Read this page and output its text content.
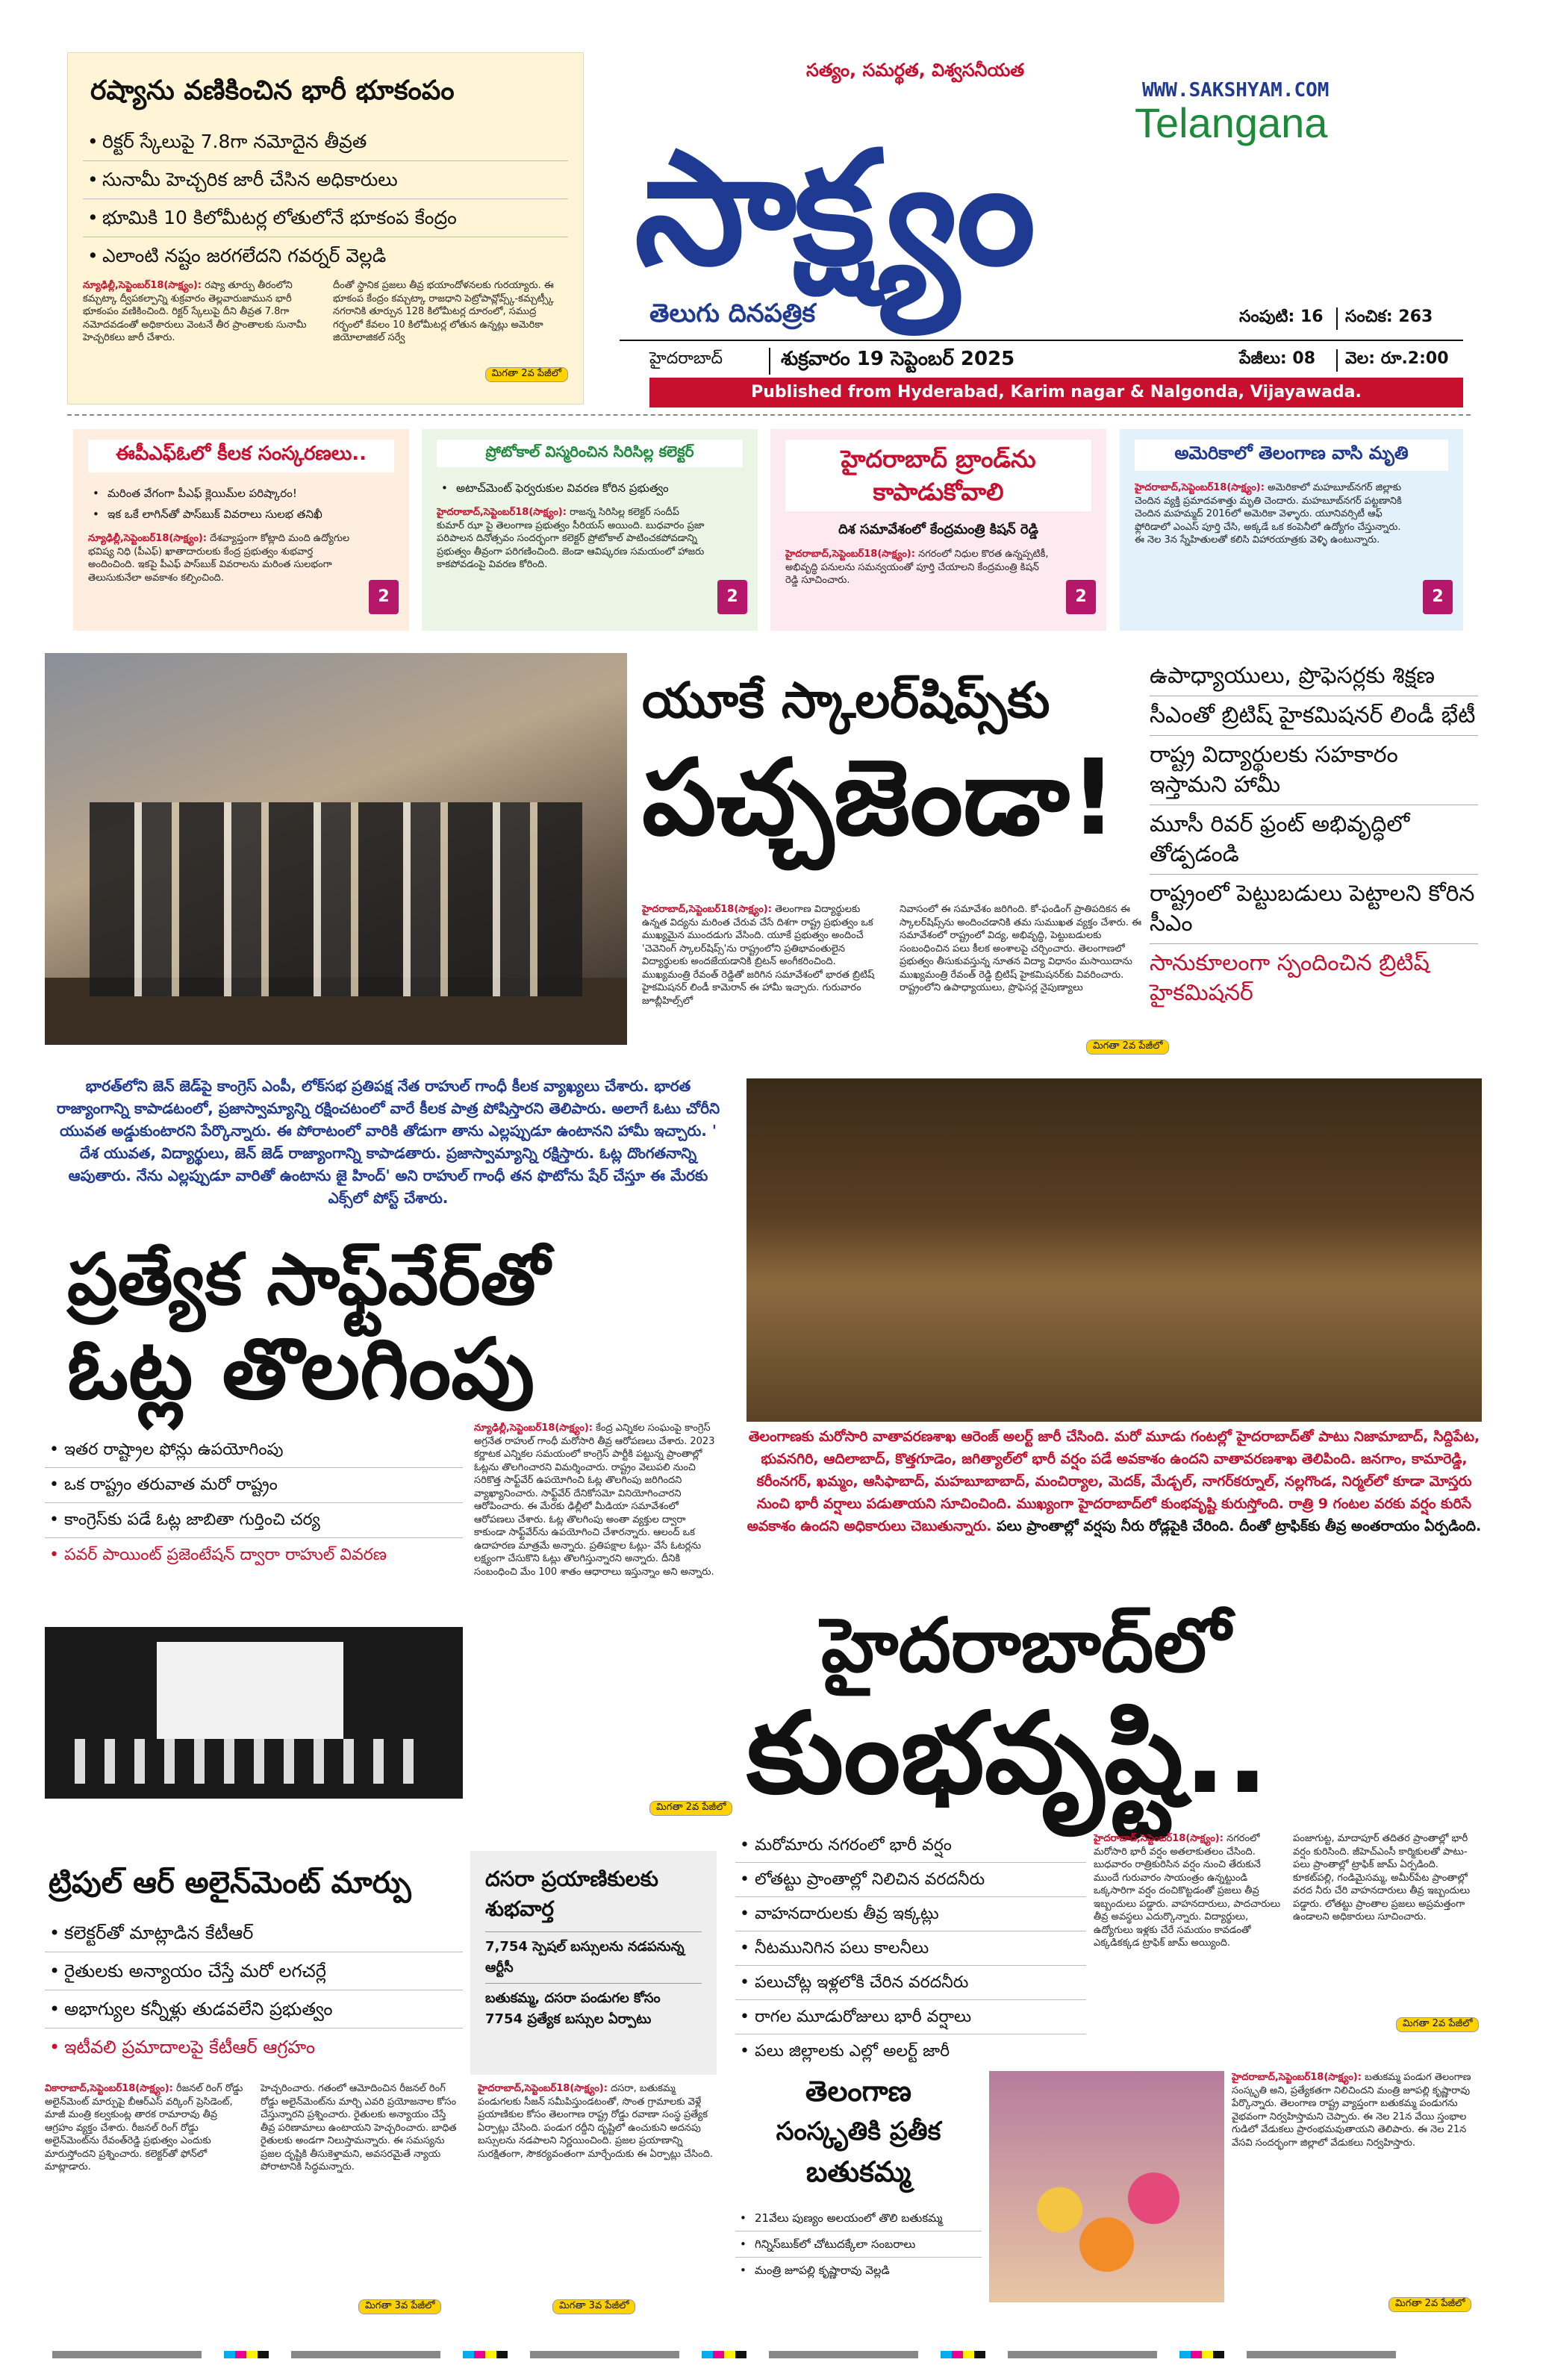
రష్యాను వణికించిన భారీ భూకంపం
• రిక్టర్ స్కేలుపై 7.8గా నమోదైన తీవ్రత
• సునామీ హెచ్చరిక జారీ చేసిన అధికారులు
• భూమికి 10 కిలోమీటర్ల లోతులోనే భూకంప కేంద్రం
• ఎలాంటి నష్టం జరగలేదని గవర్నర్ వెల్లడి
న్యూఢిల్లీ,సెప్టెంబర్18(సాక్ష్యం): రష్యా తూర్పు తీరంలోని కమ్చట్కా ద్వీపకల్పాన్ని శుక్రవారం తెల్లవారుజామున భారీ భూకంపం వణికించింది. రిక్టర్ స్కేలుపై దీని తీవ్రత 7.8గా నమోదవడంతో అధికారులు వెంటనే తీర ప్రాంతాలకు సునామీ హెచ్చరికలు జారీ చేశారు.
దీంతో స్థానిక ప్రజలు తీవ్ర భయాందోళనలకు గురయ్యారు. ఈ భూకంప కేంద్రం కమ్చట్కా రాజధాని పెట్రోపావ్లోవ్స్క్-కమ్చట్స్కీ నగరానికి తూర్పున 128 కిలోమీటర్ల దూరంలో, సముద్ర గర్భంలో కేవలం 10 కిలోమీటర్ల లోతున ఉన్నట్లు అమెరికా జియోలాజికల్ సర్వే
మిగతా 2వ పేజీలో
సత్యం, సమర్థత, విశ్వసనీయత
WWW.SAKSHYAM.COM
Telangana
సాక్ష్యం
తెలుగు దినపత్రిక	సంపుటి: 16	సంచిక: 263
హైదరాబాద్	శుక్రవారం 19 సెప్టెంబర్ 2025	పేజీలు: 08	వెల: రూ.2:00
Published from Hyderabad, Karim nagar & Nalgonda, Vijayawada.
ఈపీఎఫ్ఓలో కీలక సంస్కరణలు..
• మరింత వేగంగా పీఎఫ్ క్లెయిమ్‌ల పరిష్కారం!
• ఇక ఒకే లాగిన్‌తో పాస్‌బుక్ వివరాలు సులభ తనిఖీ
న్యూఢిల్లీ,సెప్టెంబర్18(సాక్ష్యం): దేశవ్యాప్తంగా కోట్లాది మంది ఉద్యోగుల భవిష్య నిధి (పీఎఫ్) ఖాతాదారులకు కేంద్ర ప్రభుత్వం శుభవార్త అందించింది. ఇకపై పీఎఫ్ పాస్‌బుక్ వివరాలను మరింత సులభంగా తెలుసుకునేలా అవకాశం కల్పించింది.
2
ప్రోటోకాల్ విస్మరించిన సిరిసిల్ల కలెక్టర్
• అటాచ్‌మెంట్ ఫెర్వరుకుల వివరణ కోరిన ప్రభుత్వం
హైదరాబాద్,సెప్టెంబర్18(సాక్ష్యం): రాజన్న సిరిసిల్ల కలెక్టర్ సందీప్ కుమార్ ఝా పై తెలంగాణ ప్రభుత్వం సీరియస్ అయింది. బుధవారం ప్రజా పరిపాలన దినోత్సవం సందర్భంగా కలెక్టర్ ప్రోటోకాల్ పాటించకపోవడాన్ని ప్రభుత్వం తీవ్రంగా పరిగణించింది. జెండా ఆవిష్కరణ సమయంలో హాజరు కాకపోవడంపై వివరణ కోరింది.
2
హైదరాబాద్ బ్రాండ్‌ను కాపాడుకోవాలి
దిశ సమావేశంలో కేంద్రమంత్రి కిషన్ రెడ్డి
హైదరాబాద్,సెప్టెంబర్18(సాక్ష్యం): నగరంలో నిధుల కొరత ఉన్నప్పటికీ, అభివృద్ధి పనులను సమన్వయంతో పూర్తి చేయాలని కేంద్రమంత్రి కిషన్ రెడ్డి సూచించారు.
2
అమెరికాలో తెలంగాణ వాసి మృతి
హైదరాబాద్,సెప్టెంబర్18(సాక్ష్యం): అమెరికాలో మహబూబ్‌నగర్ జిల్లాకు చెందిన వ్యక్తి ప్రమాదవశాత్తు మృతి చెందారు. మహబూబ్‌నగర్ పట్టణానికి చెందిన మహమ్మద్ 2016లో అమెరికా వెళ్ళారు. యూనివర్సిటీ ఆఫ్ ఫ్లోరిడాలో ఎంఎస్ పూర్తి చేసి, అక్కడే ఒక కంపెనీలో ఉద్యోగం చేస్తున్నారు. ఈ నెల 3న స్నేహితులతో కలిసి విహారయాత్రకు వెళ్ళి ఉంటున్నారు.
2
యూకే స్కాలర్‌షిప్స్‌కు
పచ్చజెండా!
ఉపాధ్యాయులు, ప్రొఫెసర్లకు శిక్షణ
సీఎంతో బ్రిటిష్ హైకమిషనర్ లిండీ భేటీ
రాష్ట్ర విద్యార్థులకు సహకారం ఇస్తామని హామీ
మూసీ రివర్ ఫ్రంట్ అభివృద్ధిలో తోడ్పడండి
రాష్ట్రంలో పెట్టుబడులు పెట్టాలని కోరిన సీఎం
సానుకూలంగా స్పందించిన బ్రిటిష్ హైకమిషనర్
హైదరాబాద్,సెప్టెంబర్18(సాక్ష్యం): తెలంగాణ విద్యార్థులకు ఉన్నత విద్యను మరింత చేరువ చేసే దిశగా రాష్ట్ర ప్రభుత్వం ఒక ముఖ్యమైన ముందడుగు వేసింది. యూకే ప్రభుత్వం అందించే 'చెవెనింగ్ స్కాలర్‌షిప్స్'ను రాష్ట్రంలోని ప్రతిభావంతులైన విద్యార్థులకు అందజేయడానికి బ్రిటన్ అంగీకరించింది. ముఖ్యమంత్రి రేవంత్ రెడ్డితో జరిగిన సమావేశంలో భారత బ్రిటిష్ హైకమిషనర్ లిండీ కామెరాన్ ఈ హామీ ఇచ్చారు. గురువారం జూబ్లీహిల్స్‌లో
నివాసంలో ఈ సమావేశం జరిగింది. కో-ఫండింగ్ ప్రాతిపదికన ఈ స్కాలర్‌షిప్స్‌ను అందించడానికి తమ సుముఖత వ్యక్తం చేశారు. ఈ సమావేశంలో రాష్ట్రంలో విద్య, అభివృద్ధి, పెట్టుబడులకు సంబంధించిన పలు కీలక అంశాలపై చర్చించారు. తెలంగాణలో ప్రభుత్వం తీసుకువస్తున్న నూతన విద్యా విధానం మసాయిదాను ముఖ్యమంత్రి రేవంత్ రెడ్డి బ్రిటిష్ హైకమిషనర్‌కు వివరించారు. రాష్ట్రంలోని ఉపాధ్యాయులు, ప్రొఫెసర్ల నైపుణ్యాలు
మిగతా 2వ పేజీలో
భారత్‌లోని జెన్ జెడ్‌పై కాంగ్రెస్ ఎంపీ, లోక్‌సభ ప్రతిపక్ష నేత రాహుల్ గాంధీ కీలక వ్యాఖ్యలు చేశారు. భారత రాజ్యాంగాన్ని కాపాడటంలో, ప్రజాస్వామ్యాన్ని రక్షించటంలో వారే కీలక పాత్ర పోషిస్తారని తెలిపారు. అలాగే ఓటు చోరీని యువత అడ్డుకుంటారని పేర్కొన్నారు. ఈ పోరాటంలో వారికి తోడుగా తాను ఎల్లప్పుడూ ఉంటానని హామీ ఇచ్చారు. ' దేశ యువత, విద్యార్థులు, జెన్ జెడ్ రాజ్యాంగాన్ని కాపాడతారు. ప్రజాస్వామ్యాన్ని రక్షిస్తారు. ఓట్ల దొంగతనాన్ని ఆపుతారు. నేను ఎల్లప్పుడూ వారితో ఉంటాను జై హింద్' అని రాహుల్ గాంధీ తన ఫొటోను షేర్ చేస్తూ ఈ మేరకు ఎక్స్‌లో పోస్ట్ చేశారు.
ప్రత్యేక సాఫ్ట్‌వేర్‌తో
ఓట్ల తొలగింపు
• ఇతర రాష్ట్రాల ఫోన్లు ఉపయోగింపు
• ఒక రాష్ట్రం తరువాత మరో రాష్ట్రం
• కాంగ్రెస్‌కు పడే ఓట్ల జాబితా గుర్తించి చర్య
• పవర్ పాయింట్ ప్రజెంటేషన్ ద్వారా రాహుల్ వివరణ
న్యూఢిల్లీ,సెప్టెంబర్18(సాక్ష్యం): కేంద్ర ఎన్నికల సంఘంపై కాంగ్రెస్ అగ్రనేత రాహుల్ గాంధీ మరోసారి తీవ్ర ఆరోపణలు చేశారు. 2023 కర్ణాటక ఎన్నికల సమయంలో కాంగ్రెస్ పార్టీకి పట్టున్న ప్రాంతాల్లో ఓట్లను తొలగించారని విమర్శించారు. రాష్ట్రం వెలుపలి నుంచి సరికొత్త సాఫ్ట్‌వేర్ ఉపయోగించి ఓట్ల తొలగింపు జరిగిందని వ్యాఖ్యానించారు. సాఫ్ట్‌వేర్ దేనికోసమో వినియోగించారని ఆరోపించారు. ఈ మేరకు ఢిల్లీలో మీడియా సమావేశంలో ఆరోపణలు చేశారు. ఓట్ల తొలగింపు అంతా వ్యక్తుల ద్వారా కాకుండా సాఫ్ట్‌వేర్‌ను ఉపయోగించి చేశారన్నారు. ఆలంద్ ఒక ఉదాహరణ మాత్రమే అన్నారు. ప్రతిపక్షాల ఓట్లు- వేసే ఓటర్లను లక్ష్యంగా చేసుకొని ఓట్లు తొలగిస్తున్నారని అన్నారు. దీనికి సంబంధించి మేం 100 శాతం ఆధారాలు ఇస్తున్నాం అని అన్నారు.
మిగతా 2వ పేజీలో
తెలంగాణకు మరోసారి వాతావరణశాఖ ఆరెంజ్ అలర్ట్ జారీ చేసింది. మరో మూడు గంటల్లో హైదరాబాద్‌తో పాటు నిజామాబాద్, సిద్దిపేట, భువనగిరి, ఆదిలాబాద్, కొత్తగూడెం, జగిత్యాల్‌లో భారీ వర్షం పడే అవకాశం ఉందని వాతావరణశాఖ తెలిపింది. జనగాం, కామారెడ్డి, కరీంనగర్, ఖమ్మం, ఆసిఫాబాద్, మహబూబాబాద్, మంచిర్యాల, మెదక్, మేడ్చల్, నాగర్‌కర్నూల్, నల్లగొండ, నిర్మల్‌లో కూడా మోస్తరు నుంచి భారీ వర్షాలు పడుతాయని సూచించింది. ముఖ్యంగా హైదరాబాద్‌లో కుంభవృష్టి కురుస్తోంది. రాత్రి 9 గంటల వరకు వర్షం కురిసే అవకాశం ఉందని అధికారులు చెబుతున్నారు. పలు ప్రాంతాల్లో వర్షపు నీరు రోడ్లపైకి చేరింది. దీంతో ట్రాఫిక్‌కు తీవ్ర అంతరాయం ఏర్పడింది.
హైదరాబాద్‌లో
కుంభవృష్టి..
• మరోమారు నగరంలో భారీ వర్షం
• లోతట్టు ప్రాంతాల్లో నిలిచిన వరదనీరు
• వాహనదారులకు తీవ్ర ఇక్కట్లు
• నీటమునిగిన పలు కాలనీలు
• పలుచోట్ల ఇళ్లలోకి చేరిన వరదనీరు
• రాగల మూడురోజులు భారీ వర్షాలు
• పలు జిల్లాలకు ఎల్లో అలర్ట్ జారీ
హైదరాబాద్,సెప్టెంబర్18(సాక్ష్యం): నగరంలో మరోసారి భారీ వర్షం అతలాకుతలం చేసింది. బుధవారం రాత్రికురిసిన వర్షం నుంచి తేరుకునే ముందే గురువారం సాయంత్రం ఉన్నట్టుండి ఒక్కసారిగా వర్షం దంచికొట్టడంతో ప్రజలు తీవ్ర ఇబ్బందులు పడ్డారు. వాహనదారులు, పాదచారులు తీవ్ర అవస్థలు ఎదుర్కొన్నారు. విద్యార్థులు, ఉద్యోగులు ఇళ్లకు చేరే సమయం కావడంతో ఎక్కడికక్కడ ట్రాఫిక్ జామ్ అయ్యింది.
పంజాగుట్ట, మాదాపూర్ తదితర ప్రాంతాల్లో భారీ వర్షం కురిసింది. జీహెచ్ఎంసీ కార్మికులతో పాటు- పలు ప్రాంతాల్లో ట్రాఫిక్ జామ్ ఏర్పడింది. కూకట్‌పల్లి, గండిమైసమ్మ, అమీర్‌పేట ప్రాంతాల్లో వరద నీరు చేరి వాహనదారులు తీవ్ర ఇబ్బందులు పడ్డారు. లోతట్టు ప్రాంతాల ప్రజలు అప్రమత్తంగా ఉండాలని అధికారులు సూచించారు.
మిగతా 2వ పేజీలో
ట్రిపుల్ ఆర్ అలైన్‌మెంట్ మార్పు
• కలెక్టర్‌తో మాట్లాడిన కేటీఆర్
• రైతులకు అన్యాయం చేస్తే మరో లగచర్లే
• అభాగ్యుల కన్నీళ్లు తుడవలేని ప్రభుత్వం
• ఇటీవలి ప్రమాదాలపై కేటీఆర్ ఆగ్రహం
వికారాబాద్,సెప్టెంబర్18(సాక్ష్యం): రీజనల్ రింగ్ రోడ్డు అలైన్‌మెంట్ మార్పుపై బీఆర్ఎస్ వర్కింగ్ ప్రెసిడెంట్, మాజీ మంత్రి కల్వకుంట్ల తారక రామారావు తీవ్ర ఆగ్రహం వ్యక్తం చేశారు. రీజనల్ రింగ్ రోడ్డు అలైన్‌మెంట్‌ను రేవంత్‌రెడ్డి ప్రభుత్వం ఎందుకు మారుస్తోందని ప్రశ్నించారు. కలెక్టర్‌తో ఫోన్‌లో మాట్లాడారు.
హెచ్చరించారు. గతంలో ఆమోదించిన రీజనల్ రింగ్ రోడ్డు అలైన్‌మెంట్‌ను మార్చి ఎవరి ప్రయోజనాల కోసం చేస్తున్నారని ప్రశ్నించారు. రైతులకు అన్యాయం చేస్తే తీవ్ర పరిణామాలు ఉంటాయని హెచ్చరించారు. బాధిత రైతులకు అండగా నిలుస్తామన్నారు. ఈ సమస్యను ప్రజల దృష్టికి తీసుకెళ్తామని, అవసరమైతే న్యాయ పోరాటానికి సిద్ధమన్నారు.
మిగతా 3వ పేజీలో
దసరా ప్రయాణికులకు శుభవార్త
7,754 స్పెషల్ బస్సులను నడపనున్న ఆర్టీసీ
బతుకమ్మ, దసరా పండుగల కోసం 7754 ప్రత్యేక బస్సుల ఏర్పాటు
హైదరాబాద్,సెప్టెంబర్18(సాక్ష్యం): దసరా, బతుకమ్మ పండుగలకు సీజన్ సమీపిస్తుండటంతో, సొంత గ్రామాలకు వెళ్లే ప్రయాణికుల కోసం తెలంగాణ రాష్ట్ర రోడ్డు రవాణా సంస్థ ప్రత్యేక ఏర్పాట్లు చేసింది. పండుగ రద్దీని దృష్టిలో ఉంచుకుని అదనపు బస్సులను నడపాలని నిర్ణయించింది. ప్రజల ప్రయాణాన్ని సురక్షితంగా, సౌకర్యవంతంగా మార్చేందుకు ఈ ఏర్పాట్లు చేసింది.
మిగతా 3వ పేజీలో
తెలంగాణ
సంస్కృతికి ప్రతీక
బతుకమ్మ
• 21వేలు పుణ్యం అలయంలో తొలి బతుకమ్మ
• గిన్నిస్‌బుక్‌లో చోటుదక్కేలా సంబరాలు
• మంత్రి జూపల్లి కృష్ణారావు వెల్లడి
హైదరాబాద్,సెప్టెంబర్18(సాక్ష్యం): బతుకమ్మ పండుగ తెలంగాణ సంస్కృతి అని, ప్రత్యేకతగా నిలిచిందని మంత్రి జూపల్లి కృష్ణారావు పేర్కొన్నారు. తెలంగాణ రాష్ట్ర వ్యాప్తంగా బతుకమ్మ పండుగను వైభవంగా నిర్వహిస్తామని చెప్పారు. ఈ నెల 21న వేయి స్తంభాల గుడిలో వేడుకలు ప్రారంభమవుతాయని తెలిపారు. ఈ నెల 21న వేసవి సందర్భంగా జిల్లాలో వేడుకలు నిర్వహిస్తారు.
మిగతా 2వ పేజీలో
